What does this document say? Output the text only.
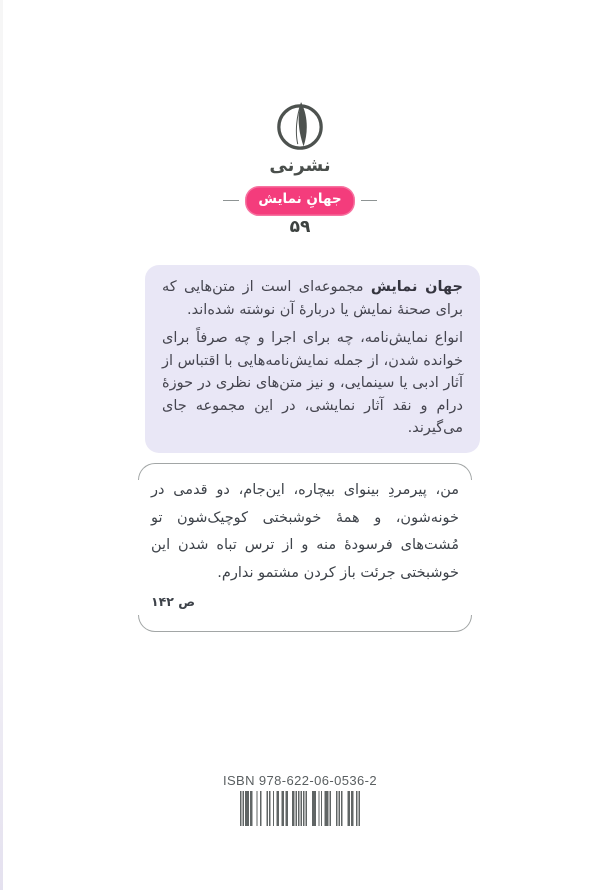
نشرنی
جهانِ نمایش
۵۹

جهان نمایش مجموعه‌ای است از متن‌هایی که برای صحنهٔ نمایش یا دربارهٔ آن نوشته شده‌اند.

انواع نمایش‌نامه، چه برای اجرا و چه صرفاً برای خوانده شدن، از جمله نمایش‌نامه‌هایی با اقتباس از آثار ادبی یا سینمایی، و نیز متن‌های نظری در حوزهٔ درام و نقد آثار نمایشی، در این مجموعه جای می‌گیرند.

من، پیرمردِ بینوای بیچاره، این‌جام، دو قدمی در خونه‌شون، و همهٔ خوشبختی کوچیک‌شون تو مُشت‌های فرسودهٔ منه و از ترس تباه شدن این خوشبختی جرئت باز کردن مشتمو ندارم.

ص ۱۴۲
ISBN 978-622-06-0536-2
